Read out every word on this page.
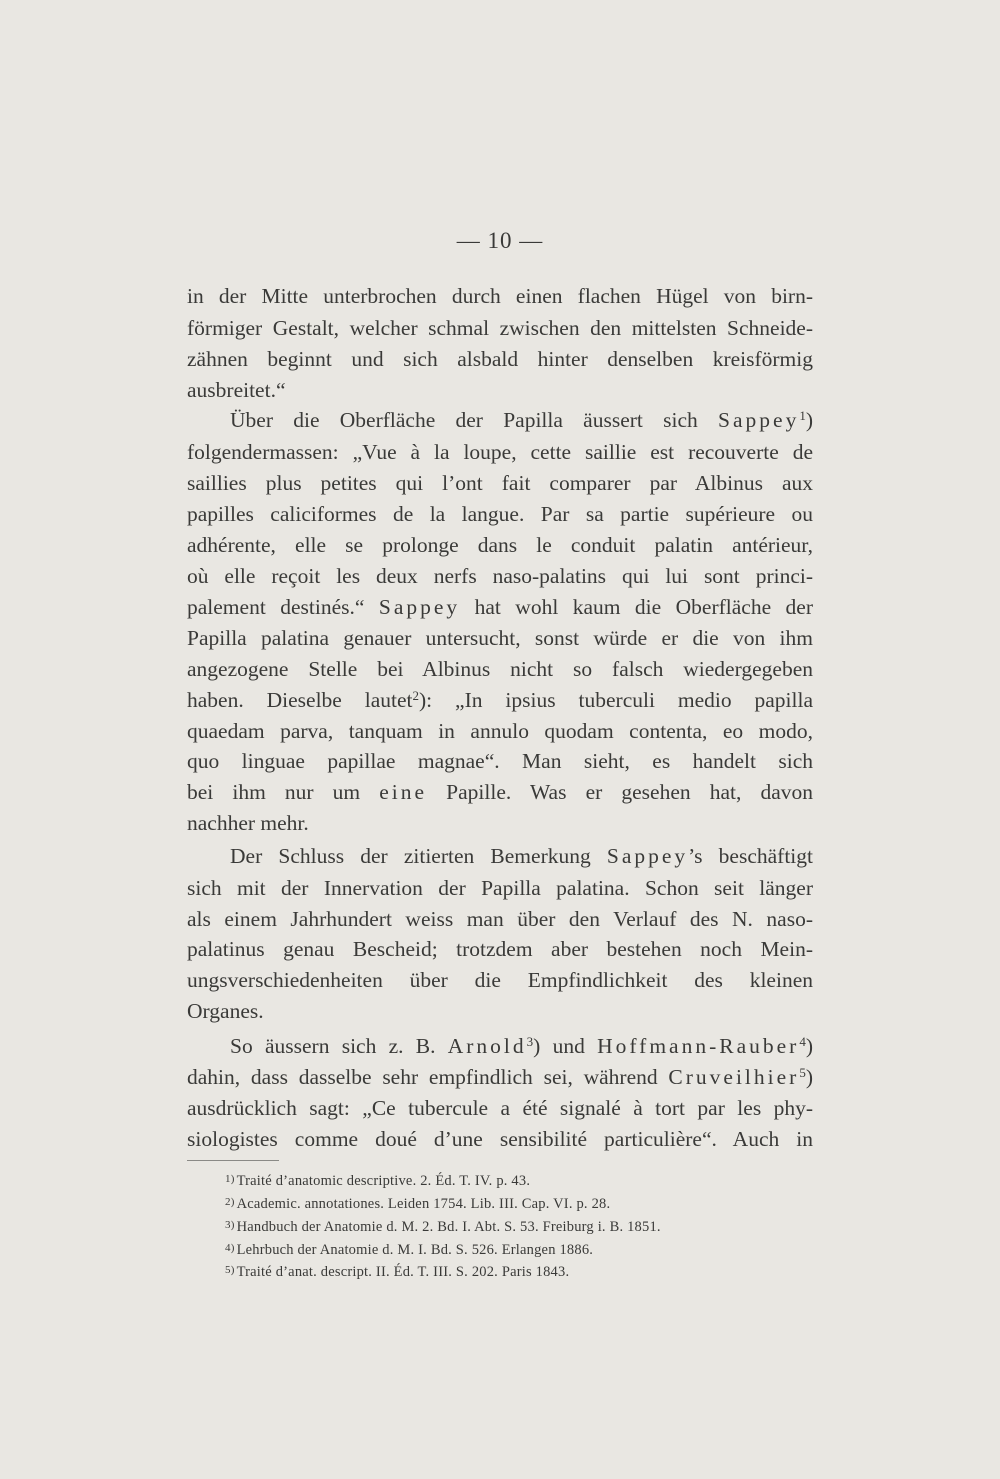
— 10 —
in der Mitte unterbrochen durch einen flachen Hügel von birn-
förmiger Gestalt, welcher schmal zwischen den mittelsten Schneide-
zähnen beginnt und sich alsbald hinter denselben kreisförmig
ausbreitet.“
Über die Oberfläche der Papilla äussert sich Sappey$^1$)
folgendermassen: „Vue à la loupe, cette saillie est recouverte de
saillies plus petites qui l’ont fait comparer par Albinus aux
papilles caliciformes de la langue. Par sa partie supérieure ou
adhérente, elle se prolonge dans le conduit palatin antérieur,
où elle reçoit les deux nerfs naso-palatins qui lui sont princi-
palement destinés.“ Sappey hat wohl kaum die Oberfläche der
Papilla palatina genauer untersucht, sonst würde er die von ihm
angezogene Stelle bei Albinus nicht so falsch wiedergegeben
haben. Dieselbe lautet$^2$): „In ipsius tuberculi medio papilla
quaedam parva, tanquam in annulo quodam contenta, eo modo,
quo linguae papillae magnae“. Man sieht, es handelt sich
bei ihm nur um eine Papille. Was er gesehen hat, davon
nachher mehr.
Der Schluss der zitierten Bemerkung Sappey’s beschäftigt
sich mit der Innervation der Papilla palatina. Schon seit länger
als einem Jahrhundert weiss man über den Verlauf des N. naso-
palatinus genau Bescheid; trotzdem aber bestehen noch Mein-
ungsverschiedenheiten über die Empfindlichkeit des kleinen
Organes.
So äussern sich z. B. Arnold$^3$) und Hoffmann-Rauber$^4$)
dahin, dass dasselbe sehr empfindlich sei, während Cruveilhier$^5$)
ausdrücklich sagt: „Ce tubercule a été signalé à tort par les phy-
siologistes comme doué d’une sensibilité particulière“. Auch in
$^{1)}$ Traité d’anatomic descriptive. 2. Éd. T. IV. p. 43.
$^{2)}$ Academic. annotationes. Leiden 1754. Lib. III. Cap. VI. p. 28.
$^{3)}$ Handbuch der Anatomie d. M. 2. Bd. I. Abt. S. 53. Freiburg i. B. 1851.
$^{4)}$ Lehrbuch der Anatomie d. M. I. Bd. S. 526. Erlangen 1886.
$^{5)}$ Traité d’anat. descript. II. Éd. T. III. S. 202. Paris 1843.
